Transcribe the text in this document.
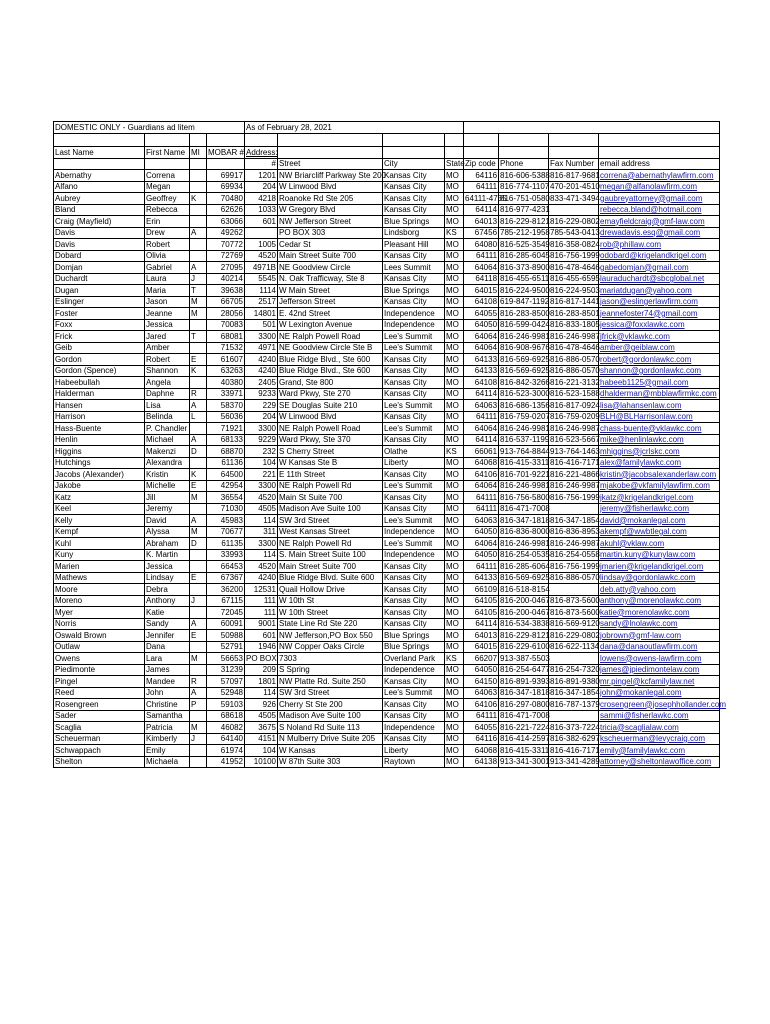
DOMESTIC ONLY - Guardians ad litem				As of February 28, 2021							

Last Name	First Name	MI	MOBAR #	Address:							
				#	Street	City	State	Zip code	Phone	Fax Number	email address
Abernathy	Correna		69917	1201	NW Briarcliff Parkway Ste 200	Kansas City	MO	64116	816-606-5388	816-817-9681	correna@abernathylawfirm.com
Alfano	Megan		69934	204	W Linwood Blvd	Kansas City	MO	64111	816-774-1107	470-201-4510	megan@alfanolawfirm.com
Aubrey	Geoffrey	K	70480	4218	Roanoke Rd Ste 205	Kansas City	MO	64111-4735	816-751-0580	833-471-3494	gaubreyattorney@gmail.com
Bland	Rebecca		62626	1033	W Gregory Blvd	Kansas City	MO	64114	816-977-4231		rebecca.bland@hotmail.com
Craig (Mayfield)	Erin		63066	601	NW Jefferson Street	Blue Springs	MO	64013	816-229-8121	816-229-0802	emayfieldcraig@gmf-law.com
Davis	Drew	A	49262		PO BOX 303	Lindsborg	KS	67456	785-212-1958	785-543-0413	drewadavis.esq@gmail.com
Davis	Robert		70772	1005	Cedar St	Pleasant Hill	MO	64080	816-525-3549	816-358-0824	rob@phillaw.com
Dobard	Olivia		72769	4520	Main Street Suite 700	Kansas City	MO	64111	816-285-6045	816-756-1999	odobard@krigelandkrigel.com
Domjan	Gabriel	A	27095	4971B	NE Goodview Circle	Lees Summit	MO	64064	816-373-8900	816-478-4646	gabedomjan@gmail.com
Duchardt	Laura	J	40214	5545	N. Oak Trafficway, Ste 8	Kansas City	MO	64118	816-455-6511	816-455-6595	lauraduchardt@sbcglobal.net
Dugan	Maria	T	39638	1114	W Main Street	Blue Springs	MO	64015	816-224-9500	816-224-9503	mariatdugan@yahoo.com
Eslinger	Jason	M	66705	2517	Jefferson Street	Kansas City	MO	64108	619-847-1192	816-817-1441	jason@eslingerlawfirm.com
Foster	Jeanne	M	28056	14801	E. 42nd Street	Independence	MO	64055	816-283-8500	816-283-8501	jeannefoster74@gmail.com
Foxx	Jessica		70083	501	W Lexington Avenue	Independence	MO	64050	816-599-0424	816-833-1805	jessica@foxxlawkc.com
Frick	Jared	T	68081	3300	NE Ralph Powell Road	Lee's Summit	MO	64064	816-246-9981	816-246-9987	jfrick@vklawkc.com
Geib	Amber		71532	4971	NE Goodview Circle Ste B	Lee's Summit	MO	64064	816-908-9676	816-478-4646	amber@geiblaw.com
Gordon	Robert	E	61607	4240	Blue Ridge Blvd., Ste 600	Kansas City	MO	64133	816-569-6925	816-886-0570	robert@gordonlawkc.com
Gordon (Spence)	Shannon	K	63263	4240	Blue Ridge Blvd., Ste 600	Kansas City	MO	64133	816-569-6925	816-886-0570	shannon@gordonlawkc.com
Habeebullah	Angela		40380	2405	Grand, Ste 800	Kansas City	MO	64108	816-842-3266	816-221-3132	habeeb1125@gmail.com
Halderman	Daphne	R	33971	9233	Ward Pkwy, Ste 270	Kansas City	MO	64114	816-523-3000	816-523-1588	dhalderman@mbblawfirmkc.com
Hansen	Lisa	A	58370	229	SE Douglas Suite 210	Lee's Summit	MO	64063	816-686-1356	816-817-0924	lisa@lahansenlaw.com
Harrison	Belinda	L	56036	204	W Linwood Blvd	Kansas City	MO	64111	816-759-0207	816-759-0209	BLH@BLHarrisonlaw.com
Hass-Buente	P. Chandler		71921	3300	NE Ralph Powell Road	Lee's Summit	MO	64064	816-246-9981	816-246-9987	chass-buente@vklawkc.com
Henlin	Michael	A	68133	9229	Ward Pkwy, Ste 370	Kansas City	MO	64114	816-537-1199	816-523-5667	mike@henlinlawkc.com
Higgins	Makenzi	D	68870	232	S Cherry Street	Olathe	KS	66061	913-764-8844	913-764-1463	mhiggins@jcrlskc.com
Hutchings	Alexandra		61136	104	W Kansas Ste B	Liberty	MO	64068	816-415-3311	816-416-7171	alex@familylawkc.com
Jacobs (Alexander)	Kristin	K	64500	221	E 11th Street	Kansas City	MO	64106	816-701-9221	816-221-4866	kristin@jacobsalexanderlaw.com
Jakobe	Michelle	E	42954	3300	NE Ralph Powell Rd	Lee's Summit	MO	64064	816-246-9981	816-246-9987	mjakobe@vkfamilylawfirm.com
Katz	Jill	M	36554	4520	Main St Suite 700	Kansas City	MO	64111	816-756-5800	816-756-1999	jkatz@krigelandkrigel.com
Keel	Jeremy		71030	4505	Madison Ave Suite 100	Kansas City	MO	64111	816-471-7008		jeremy@fisherlawkc.com
Kelly	David	A	45983	114	SW 3rd Street	Lee's Summit	MO	64063	816-347-1818	816-347-1854	david@mokanlegal.com
Kempf	Alyssa	M	70677	311	West Kansas Street	Independence	MO	64050	816-836-8000	816-836-8953	akempf@wwbtlegal.com
Kuhl	Abraham	D	61135	3300	NE Ralph Powell Rd	Lee's Summit	MO	64064	816-246-9981	816-246-9987	akuhl@vklaw.com
Kuny	K. Martin		33993	114	S. Main Street Suite 100	Independence	MO	64050	816-254-0535	816-254-0558	martin.kuny@kunylaw.com
Marien	Jessica		66453	4520	Main Street Suite 700	Kansas City	MO	64111	816-285-6064	816-756-1999	jmarien@krigelandkrigel.com
Mathews	Lindsay	E	67367	4240	Blue Ridge Blvd. Suite 600	Kansas City	MO	64133	816-569-6925	816-886-0570	lindsay@gordonlawkc.com
Moore	Debra		36200	12531	Quail Hollow Drive	Kansas City	MO	66109	816-518-8154		deb.atty@yahoo.com
Moreno	Anthony	J	67115	111	W 10th St	Kansas City	MO	64105	816-200-0467	816-873-5600	anthony@morenolawkc.com
Myer	Katie		72045	111	W 10th Street	Kansas City	MO	64105	816-200-0467	816-873-5600	katie@morenolawkc.com
Norris	Sandy	A	60091	9001	State Line Rd Ste 220	Kansas City	MO	64114	816-534-3838	816-569-9120	sandy@lnolawkc.com
Oswald Brown	Jennifer	E	50988	601	NW Jefferson,PO Box 550	Blue Springs	MO	64013	816-229-8121	816-229-0802	jobrown@gmf-law.com
Outlaw	Dana		52791	1946	NW Copper Oaks Circle	Blue Springs	MO	64015	816-229-6100	816-622-1134	dana@danaoutlawfirm.com
Owens	Lara	M	56653	PO BOX	7303	Overland Park	KS	66207	913-387-5503		lowens@owens-lawfirm.com
Piedimonte	James		31239	209	S Spring	Independence	MO	64050	816-254-6477	816-254-7320	james@jpiedimontelaw.com
Pingel	Mandee	R	57097	1801	NW Platte Rd. Suite 250	Kansas City	MO	64150	816-891-9393	816-891-9380	mr.pingel@kcfamilylaw.net
Reed	John	A	52948	114	SW 3rd Street	Lee's Summit	MO	64063	816-347-1818	816-347-1854	john@mokanlegal.com
Rosengreen	Christine	P	59103	926	Cherry St Ste 200	Kansas City	MO	64106	816-297-0800	816-787-1379	crosengreen@josephhollander.com
Sader	Samantha		68618	4505	Madison Ave Suite 100	Kansas City	MO	64111	816-471-7008		sammi@fisherlawkc.com
Scaglia	Patricia	M	46082	3675	S Noland Rd Suite 113	Independence	MO	64055	816-221-7224	816-373-7224	tricia@scaglialaw.com
Scheuerman	Kimberly	J	64140	4151	N Mulberry Drive Suite 205	Kansas City	MO	64116	816-414-2597	816-382-6297	kscheuerman@levycraig.com
Schwappach	Emily		61974	104	W Kansas	Liberty	MO	64068	816-415-3311	816-416-7171	emily@familylawkc.com
Shelton	Michaela		41952	10100	W 87th Suite 303	Raytown	MO	64138	913-341-3001	913-341-4289	attorney@sheltonlawoffice.com
